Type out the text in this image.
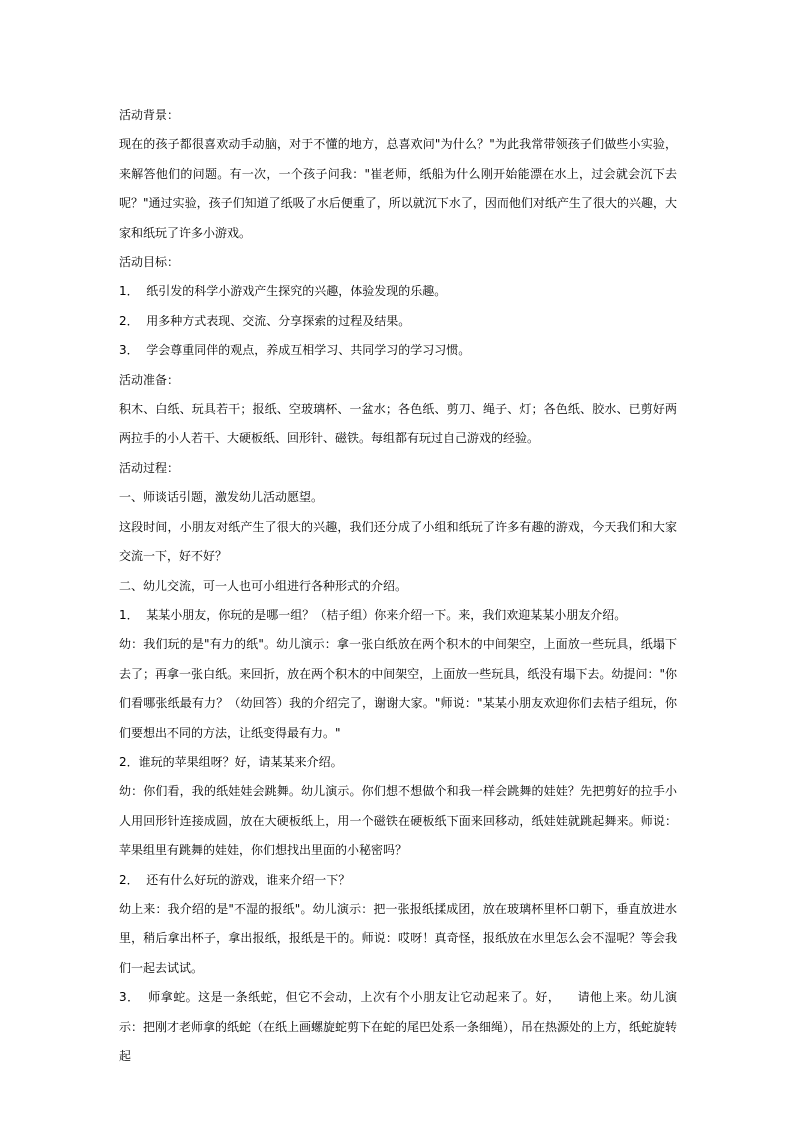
活动背景：

现在的孩子都很喜欢动手动脑，对于不懂的地方，总喜欢问"为什么？"为此我常带领孩子们做些小实验，来解答他们的问题。有一次，一个孩子问我："崔老师，纸船为什么刚开始能漂在水上，过会就会沉下去呢？"通过实验，孩子们知道了纸吸了水后便重了，所以就沉下水了，因而他们对纸产生了很大的兴趣，大家和纸玩了许多小游戏。

活动目标：

1．  纸引发的科学小游戏产生探究的兴趣，体验发现的乐趣。

2．  用多种方式表现、交流、分享探索的过程及结果。

3．  学会尊重同伴的观点，养成互相学习、共同学习的学习习惯。

活动准备：

积木、白纸、玩具若干；报纸、空玻璃杯、一盆水；各色纸、剪刀、绳子、灯；各色纸、胶水、已剪好两两拉手的小人若干、大硬板纸、回形针、磁铁。每组都有玩过自己游戏的经验。

活动过程：

一、师谈话引题，激发幼儿活动愿望。

这段时间，小朋友对纸产生了很大的兴趣，我们还分成了小组和纸玩了许多有趣的游戏，今天我们和大家交流一下，好不好？

二、幼儿交流，可一人也可小组进行各种形式的介绍。

1．  某某小朋友，你玩的是哪一组？（桔子组）你来介绍一下。来，我们欢迎某某小朋友介绍。

幼：我们玩的是"有力的纸"。幼儿演示：拿一张白纸放在两个积木的中间架空，上面放一些玩具，纸塌下去了；再拿一张白纸。来回折，放在两个积木的中间架空，上面放一些玩具，纸没有塌下去。幼提问："你们看哪张纸最有力？（幼回答）我的介绍完了，谢谢大家。"师说："某某小朋友欢迎你们去桔子组玩，你们要想出不同的方法，让纸变得最有力。"

2．谁玩的苹果组呀？好，请某某来介绍。

幼：你们看，我的纸娃娃会跳舞。幼儿演示。你们想不想做个和我一样会跳舞的娃娃？先把剪好的拉手小人用回形针连接成圆，放在大硬板纸上，用一个磁铁在硬板纸下面来回移动，纸娃娃就跳起舞来。师说：苹果组里有跳舞的娃娃，你们想找出里面的小秘密吗？

2．  还有什么好玩的游戏，谁来介绍一下？

幼上来：我介绍的是"不湿的报纸"。幼儿演示：把一张报纸揉成团，放在玻璃杯里杯口朝下，垂直放进水里，稍后拿出杯子，拿出报纸，报纸是干的。师说：哎呀！真奇怪，报纸放在水里怎么会不湿呢？等会我们一起去试试。

3．  师拿蛇。这是一条纸蛇，但它不会动，上次有个小朋友让它动起来了。好，    请他上来。幼儿演示：把刚才老师拿的纸蛇（在纸上画螺旋蛇剪下在蛇的尾巴处系一条细绳），吊在热源处的上方，纸蛇旋转起
